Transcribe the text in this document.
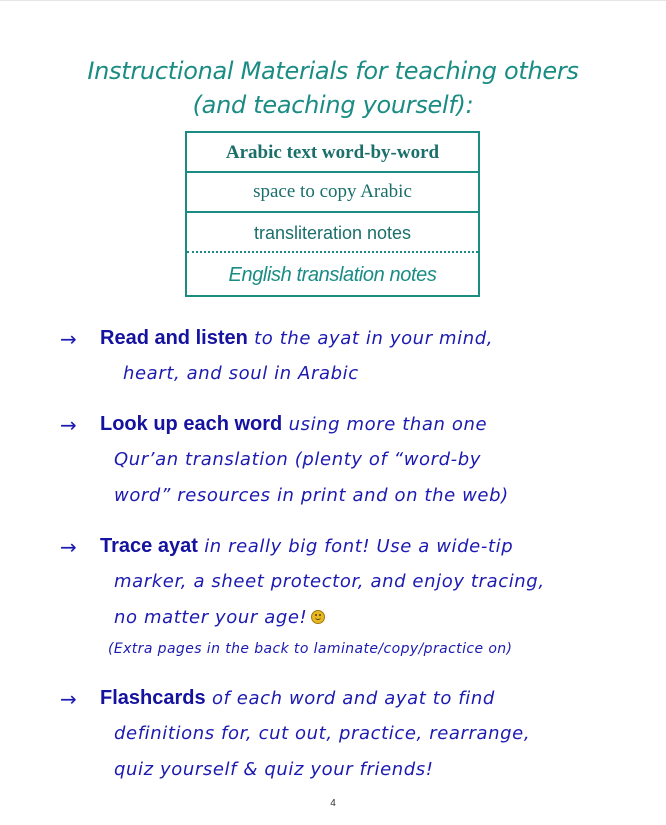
Instructional Materials for teaching others
(and teaching yourself):
Arabic text word-by-word
space to copy Arabic
transliteration notes
English translation notes
→ Read and listen to the ayat in your mind,
heart, and soul in Arabic
→ Look up each word using more than one
Qur’an translation (plenty of “word-by
word” resources in print and on the web)
→ Trace ayat in really big font! Use a wide-tip
marker, a sheet protector, and enjoy tracing,
no matter your age!
(Extra pages in the back to laminate/copy/practice on)
→ Flashcards of each word and ayat to find
definitions for, cut out, practice, rearrange,
quiz yourself & quiz your friends!
4
